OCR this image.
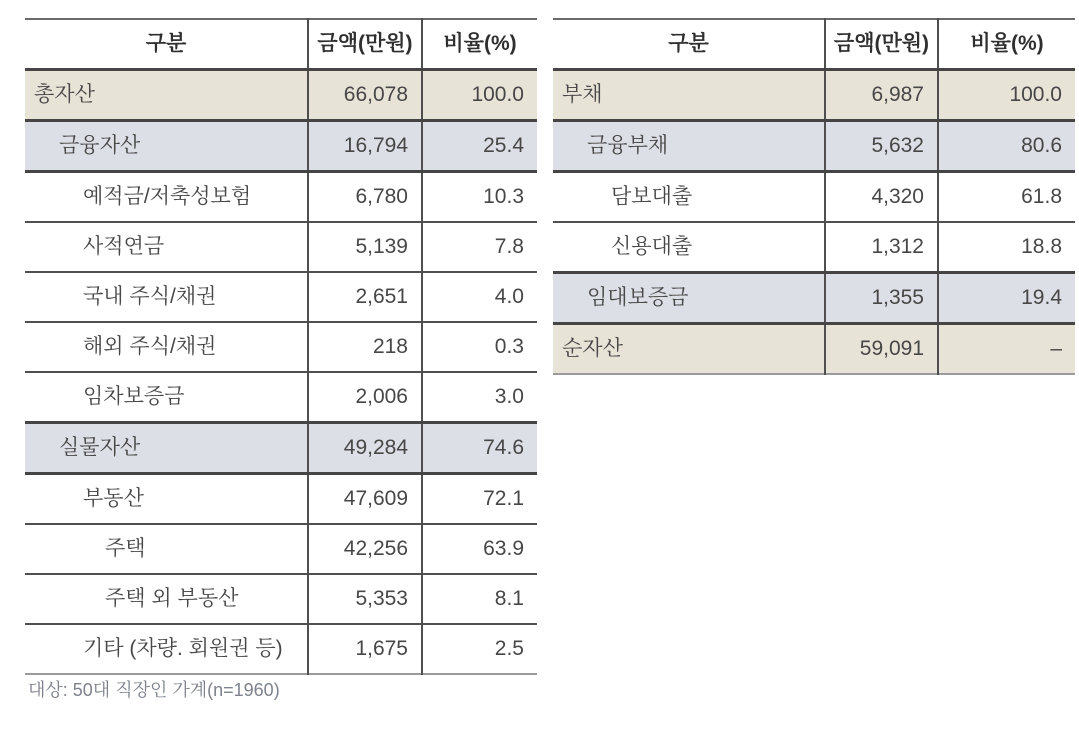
구분	금액(만원)	비율(%)
총자산	66,078	100.0
금융자산	16,794	25.4
예적금/저축성보험	6,780	10.3
사적연금	5,139	7.8
국내 주식/채권	2,651	4.0
해외 주식/채권	218	0.3
임차보증금	2,006	3.0
실물자산	49,284	74.6
부동산	47,609	72.1
주택	42,256	63.9
주택 외 부동산	5,353	8.1
기타 (차량. 회원권 등)	1,675	2.5
구분	금액(만원)	비율(%)
부채	6,987	100.0
금융부채	5,632	80.6
담보대출	4,320	61.8
신용대출	1,312	18.8
임대보증금	1,355	19.4
순자산	59,091	–
대상: 50대 직장인 가계(n=1960)
